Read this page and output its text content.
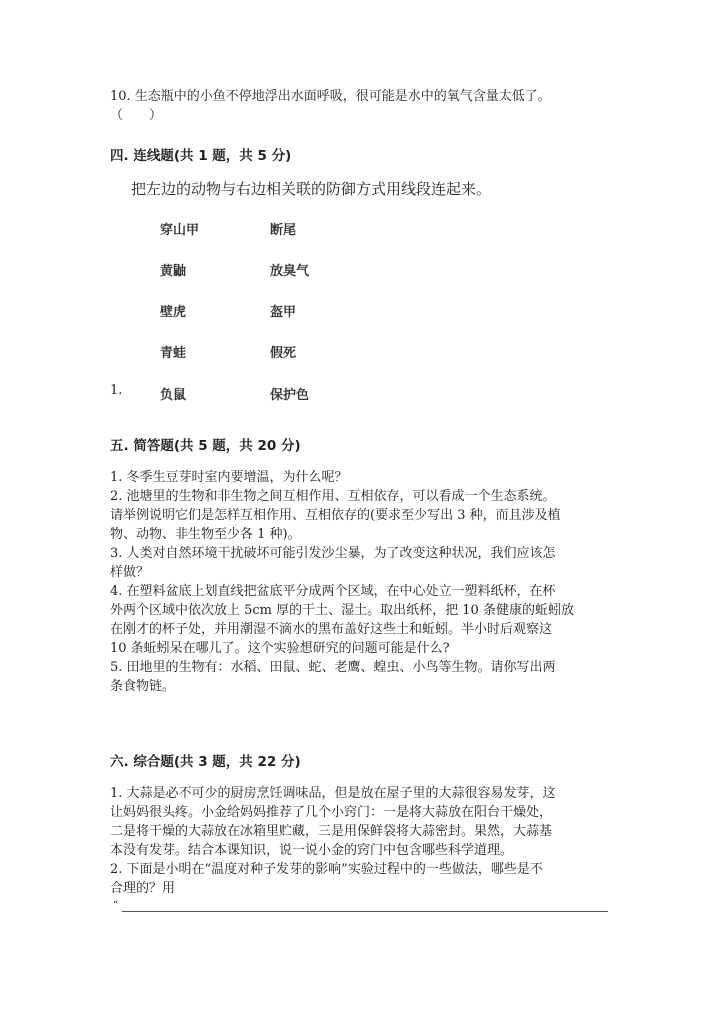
10. 生态瓶中的小鱼不停地浮出水面呼吸，很可能是水中的氧气含量太低了。
（　　）
四. 连线题(共 1 题，共 5 分)
把左边的动物与右边相关联的防御方式用线段连起来。
穿山甲	断尾
黄鼬	放臭气
壁虎	盔甲
青蛙	假死
1.	负鼠	保护色
五. 简答题(共 5 题，共 20 分)
1. 冬季生豆芽时室内要增温，为什么呢？
2. 池塘里的生物和非生物之间互相作用、互相依存，可以看成一个生态系统。
请举例说明它们是怎样互相作用、互相依存的(要求至少写出 3 种，而且涉及植
物、动物、非生物至少各 1 种)。
3. 人类对自然环境干扰破坏可能引发沙尘暴，为了改变这种状况，我们应该怎
样做？
4. 在塑料盆底上划直线把盆底平分成两个区域，在中心处立一塑料纸杯，在杯
外两个区域中依次放上 5cm 厚的干土、湿土。取出纸杯，把 10 条健康的蚯蚓放
在刚才的杯子处，并用潮湿不滴水的黑布盖好这些土和蚯蚓。半小时后观察这
10 条蚯蚓呆在哪儿了。这个实验想研究的问题可能是什么?
5. 田地里的生物有：水稻、田鼠、蛇、老鹰、蝗虫、小鸟等生物。请你写出两
条食物链。
六. 综合题(共 3 题，共 22 分)
1. 大蒜是必不可少的厨房烹饪调味品，但是放在屋子里的大蒜很容易发芽，这
让妈妈很头疼。小金给妈妈推荐了几个小窍门：一是将大蒜放在阳台干燥处，
二是将干燥的大蒜放在冰箱里贮藏，三是用保鲜袋将大蒜密封。果然，大蒜基
本没有发芽。结合本课知识，说一说小金的窍门中包含哪些科学道理。
2. 下面是小明在“温度对种子发芽的影响”实验过程中的一些做法，哪些是不
合理的？用
“
